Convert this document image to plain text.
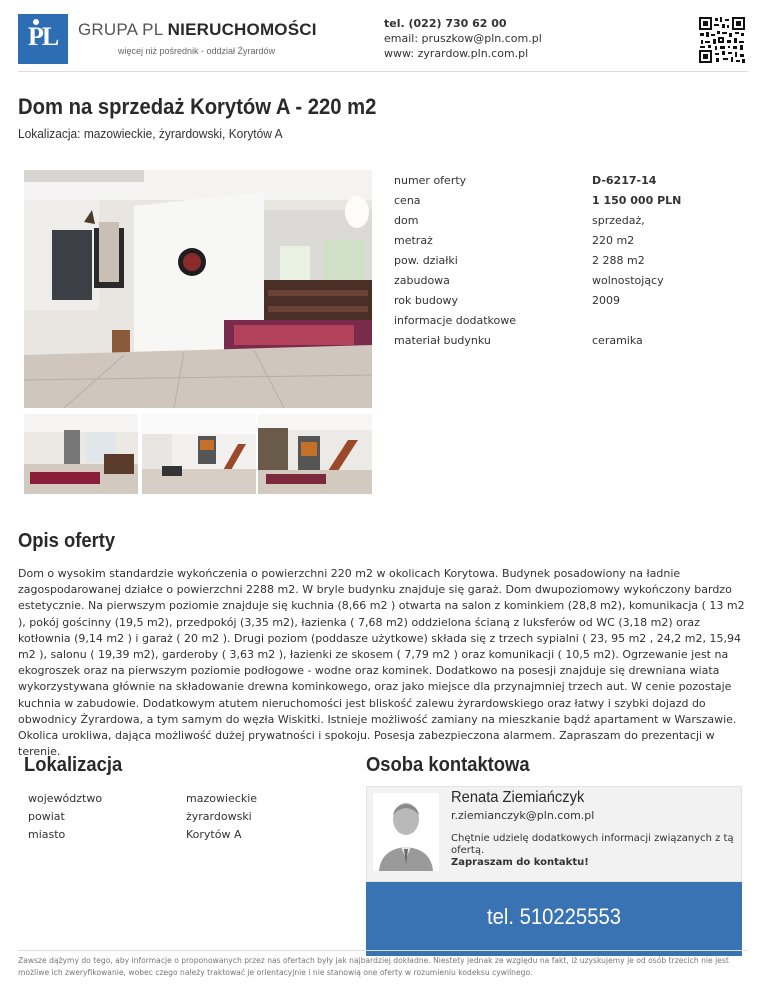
PL GRUPA PL NIERUCHOMOŚCI
więcej niż pośrednik - oddział Żyrardów
tel. (022) 730 62 00
email: pruszkow@pln.com.pl
www: zyrardow.pln.com.pl
Dom na sprzedaż Korytów A - 220 m2
Lokalizacja: mazowieckie, żyrardowski, Korytów A
numer oferty	D-6217-14
cena	1 150 000 PLN
dom	sprzedaż,
metraż	220 m2
pow. działki	2 288 m2
zabudowa	wolnostojący
rok budowy	2009
informacje dodatkowe
materiał budynku	ceramika
Opis oferty

Dom o wysokim standardzie wykończenia o powierzchni 220 m2 w okolicach Korytowa. Budynek posadowiony na ładnie zagospodarowanej działce o powierzchni 2288 m2. W bryle budynku znajduje się garaż. Dom dwupoziomowy wykończony bardzo estetycznie. Na pierwszym poziomie znajduje się kuchnia (8,66 m2 ) otwarta na salon z kominkiem (28,8 m2), komunikacja ( 13 m2 ), pokój gościnny (19,5 m2), przedpokój (3,35 m2), łazienka ( 7,68 m2) oddzielona ścianą z luksferów od WC (3,18 m2) oraz kotłownia (9,14 m2 ) i garaż ( 20 m2 ). Drugi poziom (poddasze użytkowe) składa się z trzech sypialni ( 23, 95 m2 , 24,2 m2, 15,94 m2 ), salonu ( 19,39 m2), garderoby ( 3,63 m2 ), łazienki ze skosem ( 7,79 m2 ) oraz komunikacji ( 10,5 m2). Ogrzewanie jest na ekogroszek oraz na pierwszym poziomie podłogowe - wodne oraz kominek. Dodatkowo na posesji znajduje się drewniana wiata wykorzystywana głównie na składowanie drewna kominkowego, oraz jako miejsce dla przynajmniej trzech aut. W cenie pozostaje kuchnia w zabudowie. Dodatkowym atutem nieruchomości jest bliskość zalewu żyrardowskiego oraz łatwy i szybki dojazd do obwodnicy Żyrardowa, a tym samym do węzła Wiskitki. Istnieje możliwość zamiany na mieszkanie bądź apartament w Warszawie. Okolica urokliwa, dająca możliwość dużej prywatności i spokoju. Posesja zabezpieczona alarmem. Zapraszam do prezentacji w terenie.

Lokalizacja
województwo	mazowieckie
powiat	żyrardowski
miasto	Korytów A
Osoba kontaktowa
Renata Ziemiańczyk
r.ziemianczyk@pln.com.pl
Chętnie udzielę dodatkowych informacji związanych z tą ofertą.
Zapraszam do kontaktu!
tel. 510225553
Zawsze dążymy do tego, aby informacje o proponowanych przez nas ofertach były jak najbardziej dokładne. Niestety jednak ze względu na fakt, iż uzyskujemy je od osób trzecich nie jest możliwe ich zweryfikowanie, wobec czego należy traktować je orientacyjnie i nie stanowią one oferty w rozumieniu kodeksu cywilnego.
